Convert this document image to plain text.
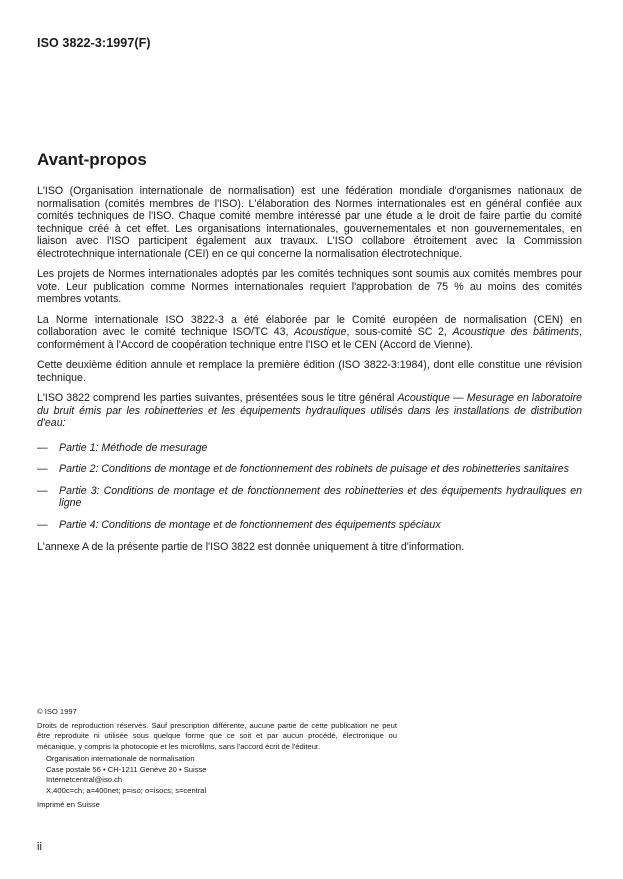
ISO 3822-3:1997(F)
Avant-propos

L'ISO (Organisation internationale de normalisation) est une fédération mondiale d'organismes nationaux de normalisation (comités membres de l'ISO). L'élaboration des Normes internationales est en général confiée aux comités techniques de l'ISO. Chaque comité membre intéressé par une étude a le droit de faire partie du comité technique créé à cet effet. Les organisations internationales, gouvernementales et non gouvernementales, en liaison avec l'ISO participent également aux travaux. L'ISO collabore étroitement avec la Commission électrotechnique internationale (CEI) en ce qui concerne la normalisation électrotechnique.

Les projets de Normes internationales adoptés par les comités techniques sont soumis aux comités membres pour vote. Leur publication comme Normes internationales requiert l'approbation de 75 % au moins des comités membres votants.

La Norme internationale ISO 3822-3 a été élaborée par le Comité européen de normalisation (CEN) en collaboration avec le comité technique ISO/TC 43, Acoustique, sous-comité SC 2, Acoustique des bâtiments, conformément à l'Accord de coopération technique entre l'ISO et le CEN (Accord de Vienne).

Cette deuxième édition annule et remplace la première édition (ISO 3822-3:1984), dont elle constitue une révision technique.

L'ISO 3822 comprend les parties suivantes, présentées sous le titre général Acoustique — Mesurage en laboratoire du bruit émis par les robinetteries et les équipements hydrauliques utilisés dans les installations de distribution d'eau:

—	Partie 1: Méthode de mesurage
—	Partie 2: Conditions de montage et de fonctionnement des robinets de puisage et des robinetteries sanitaires
—	Partie 3: Conditions de montage et de fonctionnement des robinetteries et des équipements hydrauliques en ligne
—	Partie 4: Conditions de montage et de fonctionnement des équipements spéciaux

L'annexe A de la présente partie de l'ISO 3822 est donnée uniquement à titre d'information.

© ISO 1997

Droits de reproduction réservés. Sauf prescription différente, aucune partie de cette publication ne peut être reproduite ni utilisée sous quelque forme que ce soit et par aucun procédé, électronique ou mécanique, y compris la photocopie et les microfilms, sans l'accord écrit de l'éditeur.

Organisation internationale de normalisation
Case postale 56 • CH-1211 Genève 20 • Suisse
Internetcentral@iso.ch
X.400c=ch; a=400net; p=iso; o=isocs; s=central

Imprimé en Suisse

ii
